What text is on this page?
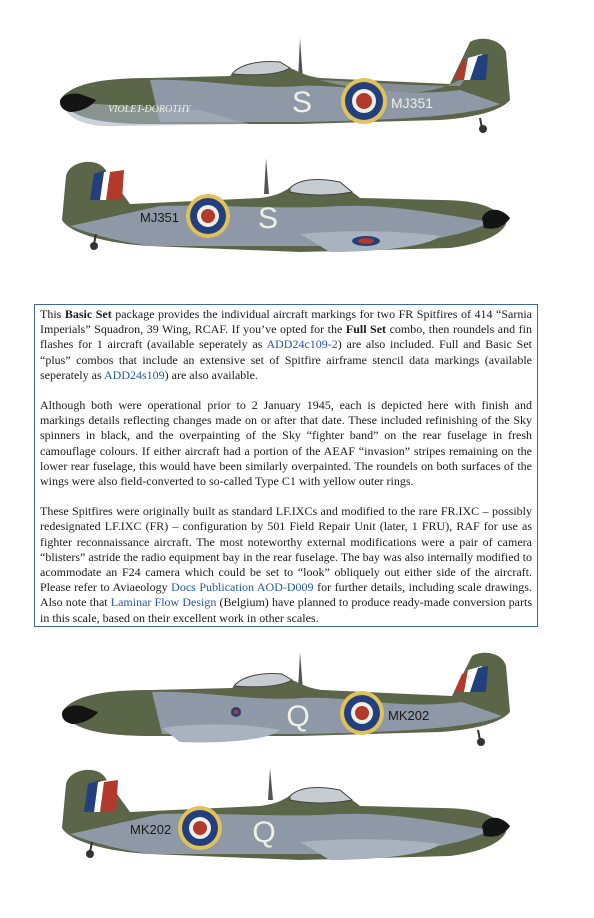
S	MJ351
VIOLET-DOROTHY
S
MJ351

This Basic Set package provides the individual aircraft markings for two FR Spitfires of 414 “Sarnia Imperials” Squadron, 39 Wing, RCAF. If you’ve opted for the Full Set combo, then roundels and fin flashes for 1 aircraft (available seperately as ADD24c109-2) are also included. Full and Basic Set “plus” combos that include an extensive set of Spitfire airframe stencil data markings (available seperately as ADD24s109) are also available.

Although both were operational prior to 2 January 1945, each is depicted here with finish and markings details reflecting changes made on or after that date. These included refinishing of the Sky spinners in black, and the overpainting of the Sky “fighter band” on the rear fuselage in fresh camouflage colours. If either aircraft had a portion of the AEAF “invasion” stripes remaining on the lower rear fuselage, this would have been similarly overpainted. The roundels on both surfaces of the wings were also field-converted to so-called Type C1 with yellow outer rings.

These Spitfires were originally built as standard LF.IXCs and modified to the rare FR.IXC – possibly redesignated LF.IXC (FR) – configuration by 501 Field Repair Unit (later, 1 FRU), RAF for use as fighter reconnaissance aircraft. The most noteworthy external modifications were a pair of camera “blisters” astride the radio equipment bay in the rear fuselage. The bay was also internally modified to acommodate an F24 camera which could be set to “look” obliquely out either side of the aircraft. Please refer to Aviaeology Docs Publication AOD-D009 for further details, including scale drawings. Also note that Laminar Flow Design (Belgium) have planned to produce ready-made conversion parts in this scale, based on their excellent work in other scales.

Q	MK202
Q
MK202
